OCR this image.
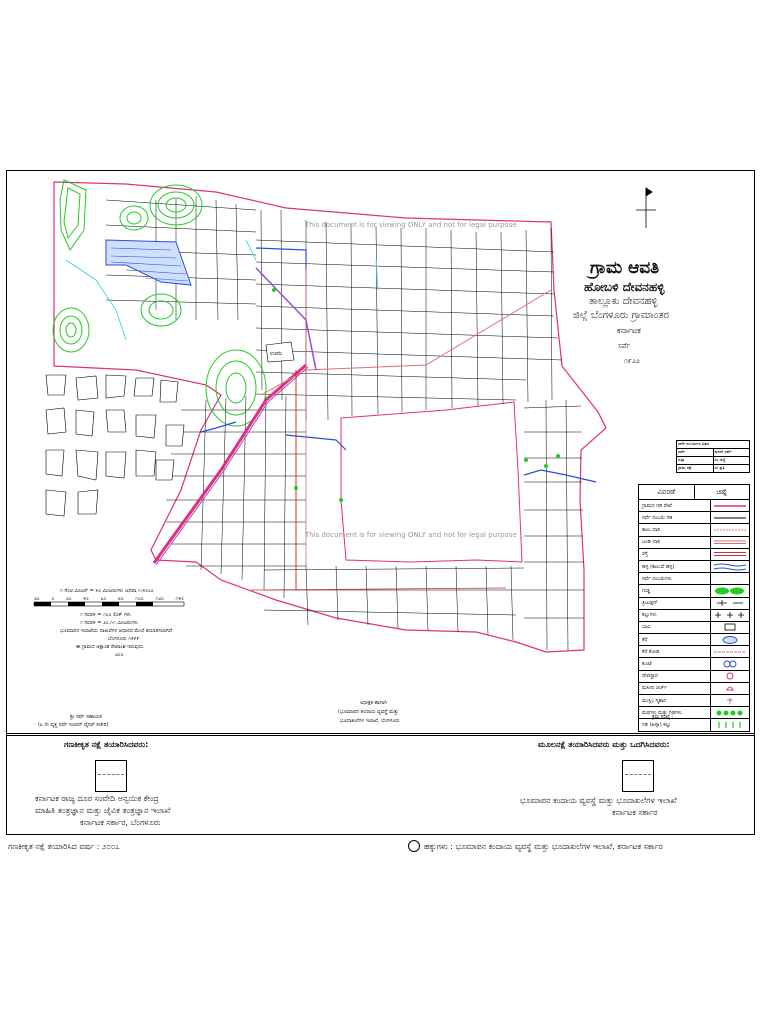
ಊರು
This document is for viewing ONLY and not for legal purpose
This document is for viewing ONLY and not for legal purpose
ಗ್ರಾಮ ಆವತಿ
ಹೋಬಳಿ ದೇವನಹಳ್ಳಿ
ತಾಲ್ಲೂಕು ದೇವನಹಳ್ಳಿ
ಜಿಲ್ಲೆ ಬೆಂಗಳೂರು ಗ್ರಾಮಾಂತರ
ಕರ್ನಾಟಕ
ಸರ್ವೆ
೧೯೨೨
ಸರ್ವೆ ನಂಬರುಗಳ ವಿವರ
ಸರ್ವೆ	ಪುನರ್ ಸರ್ವೆ
ಹಿಸ್ಸಾ	ಸಂ ಜಿಲ್ಲೆ
ಗ್ರಾಮ ನಕ್ಷೆ	ಸಂ ಪ್ರತಿ
ವಿವರಣೆ	ಚಿಹ್ನೆ
ಗ್ರಾಮದ ಗಡಿ ರೇಖೆ
ಸರ್ವೆ ನಂಬರು ಗಡಿ
ಕಾಲು ದಾರಿ
ಬಂಡಿ ದಾರಿ
ರಸ್ತೆ
ಹಳ್ಳ (ಕಾಲುವೆ ಹಳ್ಳ)
ಸರ್ವೆ ನಂಬರುಗಳು
ಗುಡ್ಡ
ತ್ರಿಜಂಕ್ಷನ್
ಕಲ್ಲುಗಳು
ಬಾವಿ
ಕೆರೆ
ಕೆರೆ ಕೋಡಿ
ಕುಂಟೆ
ದೇವಸ್ಥಾನ
ಮಸೀದಿ ಚರ್ಚ್
ಮುಸ್ಲಿಂ ಸ್ಮಶಾನ
ಮರಗಳು ಮತ್ತು ಗಿಡಗಳು
ಗಡಿ (ಹಿಸ್ಸಾ) ಕಲ್ಲು
೧ ಸೆಂಟಿ ಮೀಟರ್ = ೪೦ ಮೀಟರುಗಳು ಅಥವಾ ೧:೪೦೦೦
೨೦ ೦ ೨೦ ೪೦ ೬೦ ೮೦ ೧೦೦ ೧೨೦ ೧೪೦
೧ ಸರಪಳಿ = ೧೦೦ ಲಿಂಕ್ ಗಳು
೧ ಸರಪಳಿ = ೨೦.೧೧ ಮೀಟರುಗಳು
ಭೂಮಾಪನ ಇಲಾಖೆಯ ದಾಖಲೆಗಳ ಆಧಾರದ ಮೇಲೆ ತಯಾರಿಸಲಾಗಿದೆ
ಬೆಂಗಳೂರು ೧೯೯೯
ಈ ಗ್ರಾಮದ ಅಕ್ಷಾಂಶ ರೇಖಾಂಶ ಇರುವುದು
೨೦೦
ಶ್ರೀ ಸರ್ವೆ ಸಹಾಯಕ
(೩ ನೇ ವೃತ್ತ ಸರ್ವೆ ಸೂಪರ್ ವೈಸರ್ ಕಚೇರಿ)
ಅಧೀಕ್ಷಕ ಹಾಗಾಗಿ
(ಭೂಮಾಪನ ಕಂದಾಯ ವ್ಯವಸ್ಥೆ ಮತ್ತು
ಭೂದಾಖಲೆಗಳ ಇಲಾಖೆ, ಬೆಂಗಳೂರು
ಕ್ರಮ ಸಂಖ್ಯೆ :
ಗಣಕೀಕೃತ ನಕ್ಷೆ ತಯಾರಿಸಿದವರು:
ಕರ್ನಾಟಕ ರಾಜ್ಯ ದೂರ ಸಂವೇದಿ ಅನ್ವಯಿಕ ಕೇಂದ್ರ
ಮಾಹಿತಿ ತಂತ್ರಜ್ಞಾನ ಮತ್ತು ಜೈವಿಕ ತಂತ್ರಜ್ಞಾನ ಇಲಾಖೆ
ಕರ್ನಾಟಕ ಸರ್ಕಾರ, ಬೆಂಗಳೂರು
ಮೂಲನಕ್ಷೆ ತಯಾರಿಸಿದವರು ಮತ್ತು ಒದಗಿಸಿದವರು:
ಭೂಮಾಪನ ಕಂದಾಯ ವ್ಯವಸ್ಥೆ ಮತ್ತು ಭೂದಾಖಲೆಗಳ ಇಲಾಖೆ
ಕರ್ನಾಟಕ ಸರ್ಕಾರ
ಗಣಕೀಕೃತ ನಕ್ಷೆ ತಯಾರಿಸಿದ ವರ್ಷ : ೨೦೦೭	ಹಕ್ಕುಗಳು : ಭೂಮಾಪನ ಕಂದಾಯ ವ್ಯವಸ್ಥೆ ಮತ್ತು ಭೂದಾಖಲೆಗಳ ಇಲಾಖೆ, ಕರ್ನಾಟಕ ಸರ್ಕಾರ
